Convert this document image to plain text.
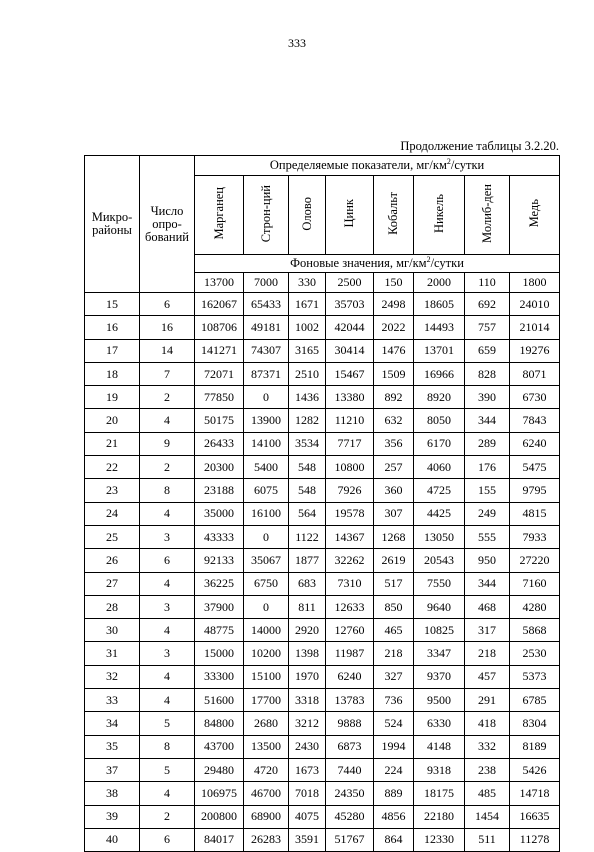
333
Продолжение таблицы 3.2.20.
Микро-районы	Число опро-бований	Определяемые показатели, $мг/км^2$/сутки							
		Марганец	Строн-ций	Олово	Цинк	Кобальт	Никель	Молиб-ден	Медь
		Фоновые значения, $мг/км^2$/сутки							
		13700	7000	330	2500	150	2000	110	1800
15	6	162067	65433	1671	35703	2498	18605	692	24010
16	16	108706	49181	1002	42044	2022	14493	757	21014
17	14	141271	74307	3165	30414	1476	13701	659	19276
18	7	72071	87371	2510	15467	1509	16966	828	8071
19	2	77850	0	1436	13380	892	8920	390	6730
20	4	50175	13900	1282	11210	632	8050	344	7843
21	9	26433	14100	3534	7717	356	6170	289	6240
22	2	20300	5400	548	10800	257	4060	176	5475
23	8	23188	6075	548	7926	360	4725	155	9795
24	4	35000	16100	564	19578	307	4425	249	4815
25	3	43333	0	1122	14367	1268	13050	555	7933
26	6	92133	35067	1877	32262	2619	20543	950	27220
27	4	36225	6750	683	7310	517	7550	344	7160
28	3	37900	0	811	12633	850	9640	468	4280
30	4	48775	14000	2920	12760	465	10825	317	5868
31	3	15000	10200	1398	11987	218	3347	218	2530
32	4	33300	15100	1970	6240	327	9370	457	5373
33	4	51600	17700	3318	13783	736	9500	291	6785
34	5	84800	2680	3212	9888	524	6330	418	8304
35	8	43700	13500	2430	6873	1994	4148	332	8189
37	5	29480	4720	1673	7440	224	9318	238	5426
38	4	106975	46700	7018	24350	889	18175	485	14718
39	2	200800	68900	4075	45280	4856	22180	1454	16635
40	6	84017	26283	3591	51767	864	12330	511	11278
